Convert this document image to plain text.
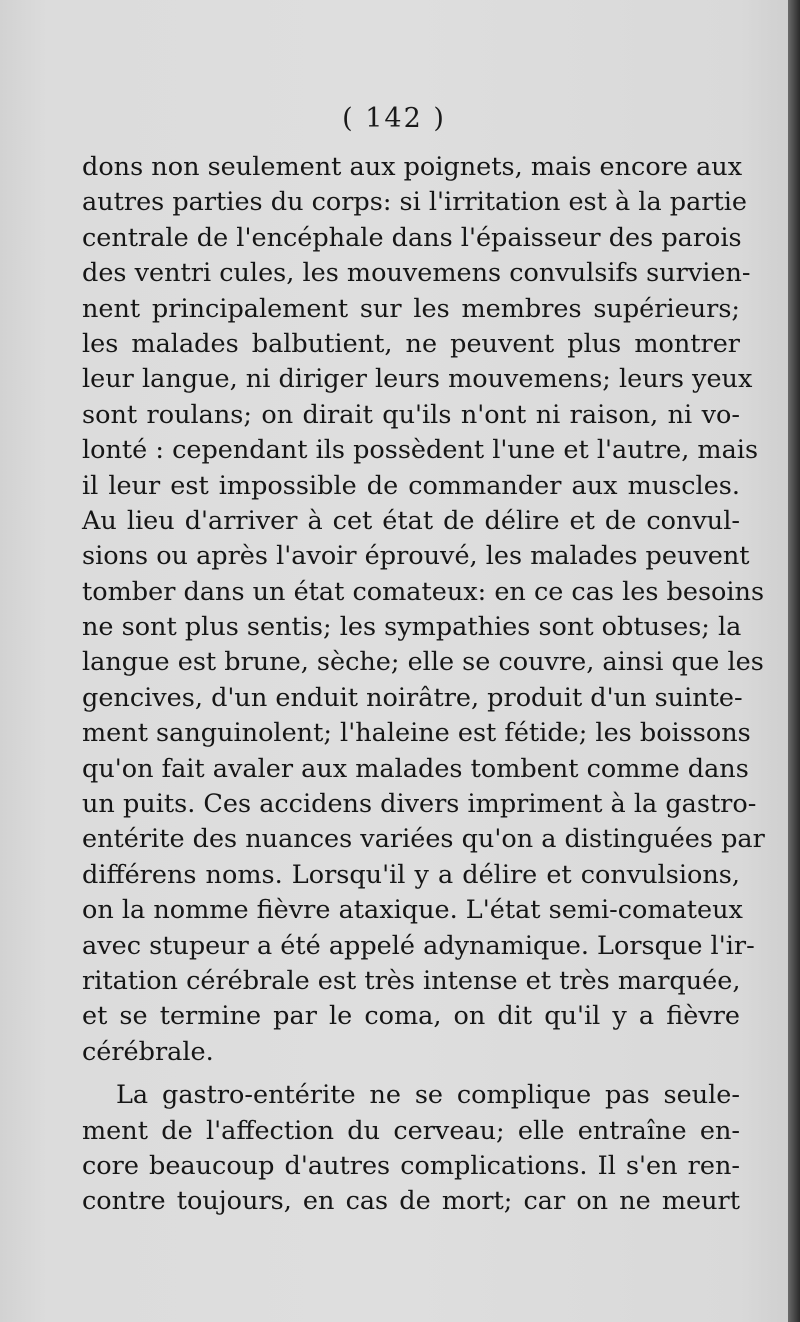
( 142 )
dons non seulement aux poignets, mais encore aux
autres parties du corps: si l'irritation est à la partie
centrale de l'encéphale dans l'épaisseur des parois
des ventri cules, les mouvemens convulsifs survien-
nent principalement sur les membres supérieurs;
les malades balbutient, ne peuvent plus montrer
leur langue, ni diriger leurs mouvemens; leurs yeux
sont roulans; on dirait qu'ils n'ont ni raison, ni vo-
lonté : cependant ils possèdent l'une et l'autre, mais
il leur est impossible de commander aux muscles.
Au lieu d'arriver à cet état de délire et de convul-
sions ou après l'avoir éprouvé, les malades peuvent
tomber dans un état comateux: en ce cas les besoins
ne sont plus sentis; les sympathies sont obtuses; la
langue est brune, sèche; elle se couvre, ainsi que les
gencives, d'un enduit noirâtre, produit d'un suinte-
ment sanguinolent; l'haleine est fétide; les boissons
qu'on fait avaler aux malades tombent comme dans
un puits. Ces accidens divers impriment à la gastro-
entérite des nuances variées qu'on a distinguées par
différens noms. Lorsqu'il y a délire et convulsions,
on la nomme fièvre ataxique. L'état semi-comateux
avec stupeur a été appelé adynamique. Lorsque l'ir-
ritation cérébrale est très intense et très marquée,
et se termine par le coma, on dit qu'il y a fièvre
cérébrale.
La gastro-entérite ne se complique pas seule-
ment de l'affection du cerveau; elle entraîne en-
core beaucoup d'autres complications. Il s'en ren-
contre toujours, en cas de mort; car on ne meurt
